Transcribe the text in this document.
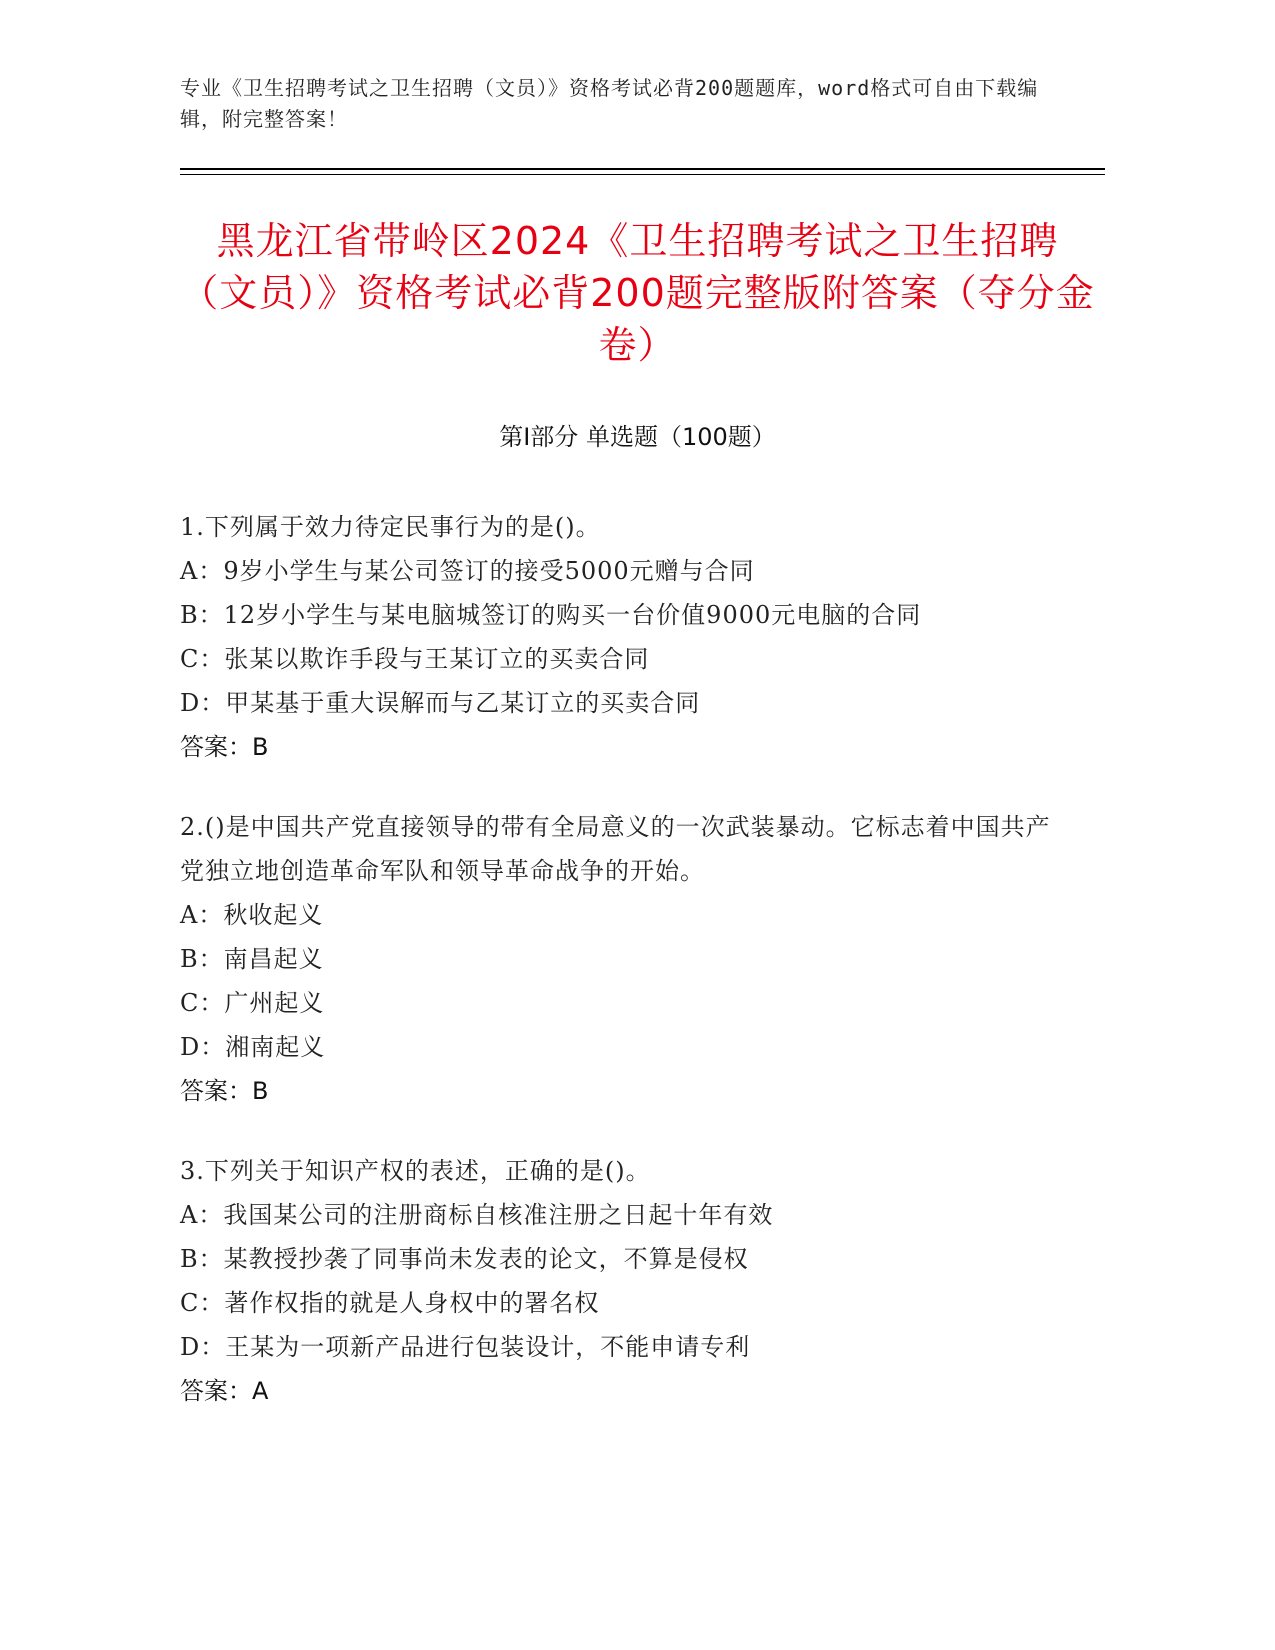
专业《卫生招聘考试之卫生招聘（文员）》资格考试必背200题题库，word格式可自由下载编辑，附完整答案！
黑龙江省带岭区2024《卫生招聘考试之卫生招聘（文员）》资格考试必背200题完整版附答案（夺分金卷）
第Ⅰ部分 单选题（100题）
1.下列属于效力待定民事行为的是()。
A：9岁小学生与某公司签订的接受5000元赠与合同
B：12岁小学生与某电脑城签订的购买一台价值9000元电脑的合同
C：张某以欺诈手段与王某订立的买卖合同
D：甲某基于重大误解而与乙某订立的买卖合同
答案：B
2.()是中国共产党直接领导的带有全局意义的一次武装暴动。它标志着中国共产党独立地创造革命军队和领导革命战争的开始。
A：秋收起义
B：南昌起义
C：广州起义
D：湘南起义
答案：B
3.下列关于知识产权的表述，正确的是()。
A：我国某公司的注册商标自核准注册之日起十年有效
B：某教授抄袭了同事尚未发表的论文，不算是侵权
C：著作权指的就是人身权中的署名权
D：王某为一项新产品进行包装设计，不能申请专利
答案：A
